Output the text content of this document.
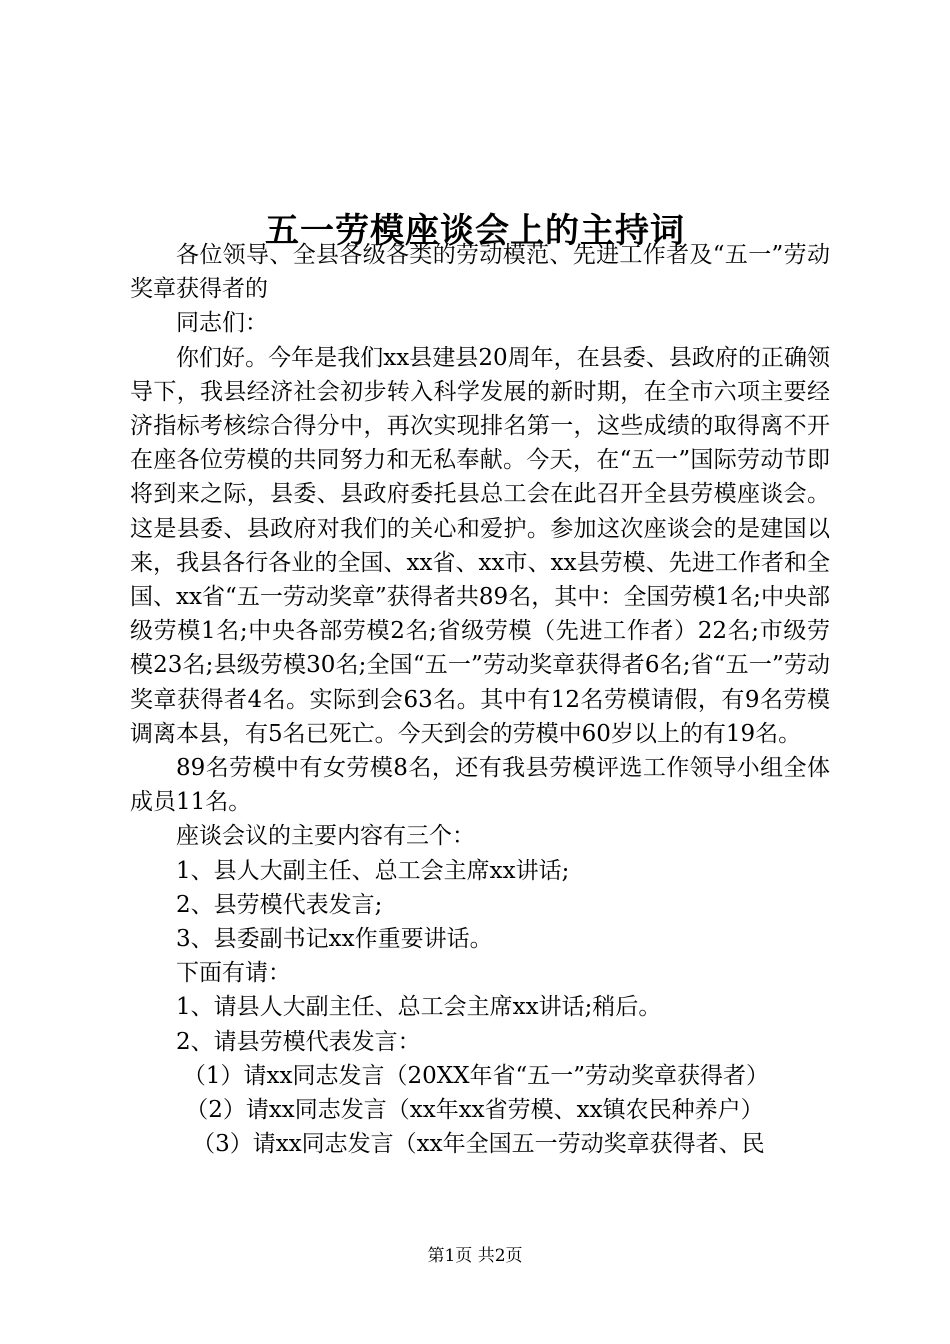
五一劳模座谈会上的主持词

各位领导、全县各级各类的劳动模范、先进工作者及“五一”劳动奖章获得者的

同志们：

你们好。今年是我们xx县建县20周年，在县委、县政府的正确领导下，我县经济社会初步转入科学发展的新时期，在全市六项主要经济指标考核综合得分中，再次实现排名第一，这些成绩的取得离不开在座各位劳模的共同努力和无私奉献。今天，在“五一”国际劳动节即将到来之际，县委、县政府委托县总工会在此召开全县劳模座谈会。这是县委、县政府对我们的关心和爱护。参加这次座谈会的是建国以来，我县各行各业的全国、xx省、xx市、xx县劳模、先进工作者和全国、xx省“五一劳动奖章”获得者共89名，其中：全国劳模1名;中央部级劳模1名;中央各部劳模2名;省级劳模（先进工作者）22名;市级劳模23名;县级劳模30名;全国“五一”劳动奖章获得者6名;省“五一”劳动奖章获得者4名。实际到会63名。其中有12名劳模请假，有9名劳模调离本县，有5名已死亡。今天到会的劳模中60岁以上的有19名。

89名劳模中有女劳模8名，还有我县劳模评选工作领导小组全体成员11名。

座谈会议的主要内容有三个：

1、县人大副主任、总工会主席xx讲话;

2、县劳模代表发言;

3、县委副书记xx作重要讲话。

下面有请：

1、请县人大副主任、总工会主席xx讲话;稍后。

2、请县劳模代表发言：

（1）请xx同志发言（20XX年省“五一”劳动奖章获得者）

（2）请xx同志发言（xx年xx省劳模、xx镇农民种养户）

（3）请xx同志发言（xx年全国五一劳动奖章获得者、民

第1页 共2页
